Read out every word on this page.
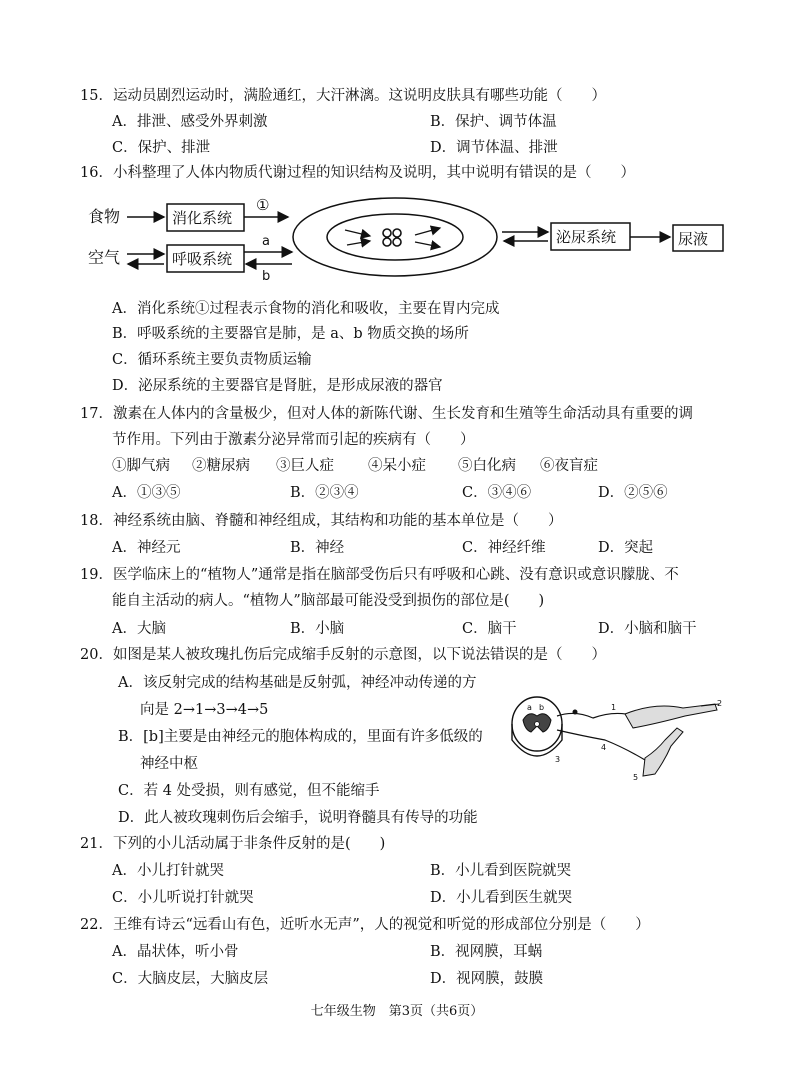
15．运动员剧烈运动时，满脸通红，大汗淋漓。这说明皮肤具有哪些功能（　　）
A．排泄、感受外界刺激	B．保护、调节体温
C．保护、排泄	D．调节体温、排泄
16．小科整理了人体内物质代谢过程的知识结构及说明，其中说明有错误的是（　　）
食物	消化系统
①
空气	呼吸系统
a
b
泌尿系统	尿液
A．消化系统①过程表示食物的消化和吸收，主要在胃内完成
B．呼吸系统的主要器官是肺，是 a、b 物质交换的场所
C．循环系统主要负责物质运输
D．泌尿系统的主要器官是肾脏，是形成尿液的器官
17．激素在人体内的含量极少，但对人体的新陈代谢、生长发育和生殖等生命活动具有重要的调
节作用。下列由于激素分泌异常而引起的疾病有（　　）
①脚气病 ②糖尿病 ③巨人症 ④呆小症 ⑤白化病 ⑥夜盲症
A．①③⑤	B．②③④	C．③④⑥	D．②⑤⑥
18．神经系统由脑、脊髓和神经组成，其结构和功能的基本单位是（　　）
A．神经元	B．神经	C．神经纤维	D．突起
19．医学临床上的“植物人”通常是指在脑部受伤后只有呼吸和心跳、没有意识或意识朦胧、不
能自主活动的病人。“植物人”脑部最可能没受到损伤的部位是(　　)
A．大脑	B．小脑	C．脑干	D．小脑和脑干
20．如图是某人被玫瑰扎伤后完成缩手反射的示意图，以下说法错误的是（　　）
A．该反射完成的结构基础是反射弧，神经冲动传递的方
向是 2→1→3→4→5
B．[b]主要是由神经元的胞体构成的，里面有许多低级的
神经中枢
C．若 4 处受损，则有感觉，但不能缩手
D．此人被玫瑰刺伤后会缩手，说明脊髓具有传导的功能
1	2
3
4
5
a b
21．下列的小儿活动属于非条件反射的是(　　)
A．小儿打针就哭	B．小儿看到医院就哭
C．小儿听说打针就哭	D．小儿看到医生就哭
22．王维有诗云“远看山有色，近听水无声”，人的视觉和听觉的形成部位分别是（　　）
A．晶状体，听小骨	B．视网膜，耳蜗
C．大脑皮层，大脑皮层	D．视网膜，鼓膜
七年级生物　第3页（共6页）
